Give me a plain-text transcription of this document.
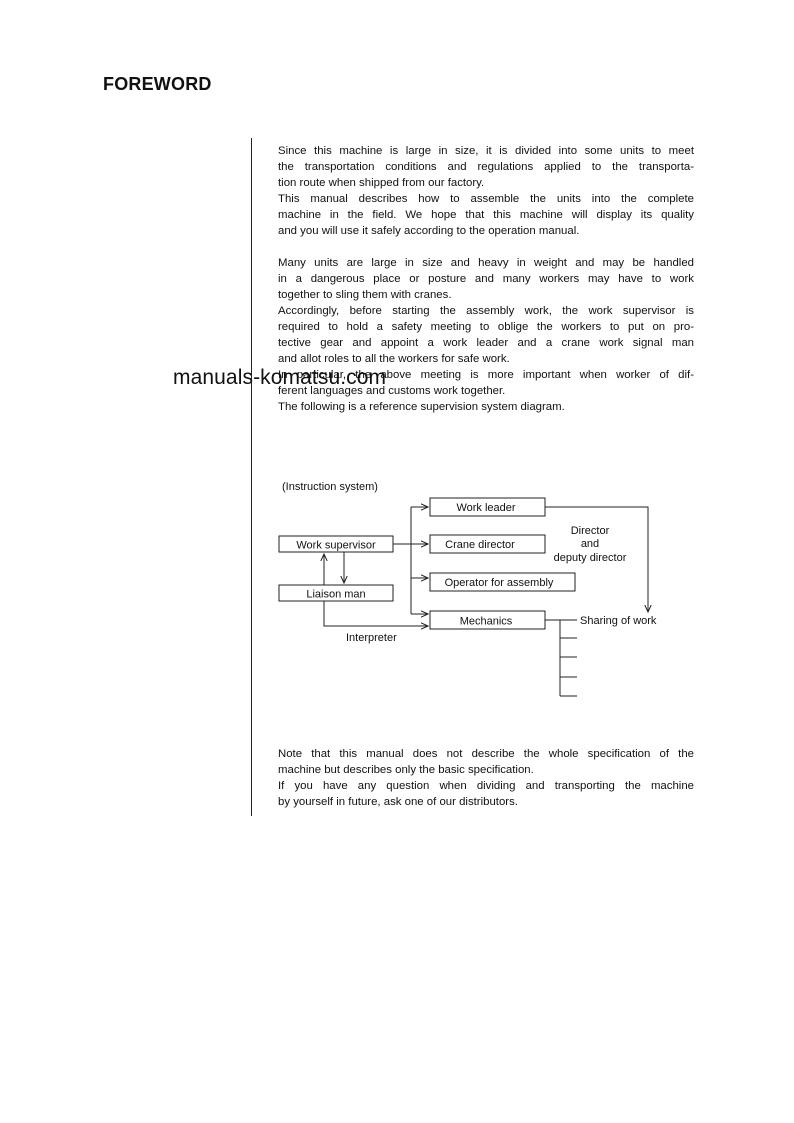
FOREWORD

Since this machine is large in size, it is divided into some units to meet
the transportation conditions and regulations applied to the transporta-
tion route when shipped from our factory.

This manual describes how to assemble the units into the complete
machine in the field. We hope that this machine will display its quality
and you will use it safely according to the operation manual.

Many units are large in size and heavy in weight and may be handled
in a dangerous place or posture and many workers may have to work
together to sling them with cranes.

Accordingly, before starting the assembly work, the work supervisor is
required to hold a safety meeting to oblige the workers to put on pro-
tective gear and appoint a work leader and a crane work signal man
and allot roles to all the workers for safe work.

In particular, the above meeting is more important when worker of dif-
ferent languages and customs work together.

The following is a reference supervision system diagram.

manuals-komatsu.com
(Instruction system)
Work supervisor
Liaison man
Work leader
Crane director
Operator for assembly
Mechanics
Interpreter
Director
and
deputy director
Sharing of work

Note that this manual does not describe the whole specification of the
machine but describes only the basic specification.

If you have any question when dividing and transporting the machine
by yourself in future, ask one of our distributors.
